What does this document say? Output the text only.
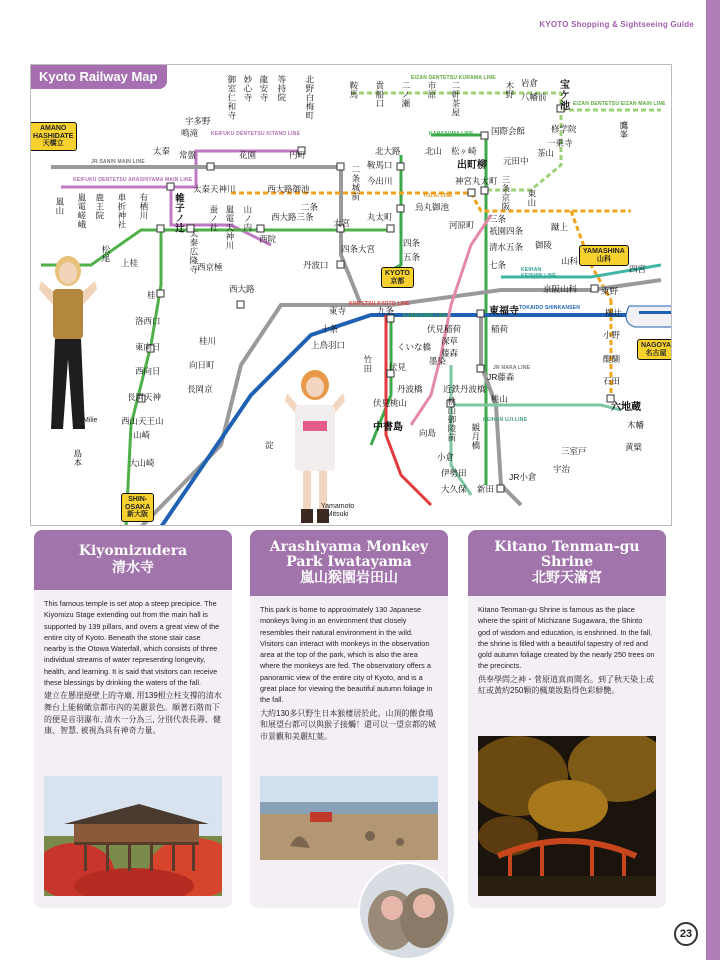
KYOTO Shopping & Sightseeing Guide
Kyoto Railway Map
AMANO
HASHIDATE
天橋立
KYOTO
京都
YAMASHINA
山科
NAGOYA
名古屋
SHIN-
OSAKA
新大阪
EIZAN DENTETSU KURAMA LINE
EIZAN DENTETSU EIZAN MAIN LINE
KEIFUKU DENTETSU KITANO LINE	KARASUMA LINE
JR SANIN MAIN LINE
KEIFUKU DENTETSU ARASHIYAMA MAIN LINE
TOZAI LINE
KEIHAN
KEISHIN LINE
TOKAIDO SHINKANSEN
KARASUMA LINE
KEIHAN UJI LINE
JR NARA LINE
KINTETSU KYOTO LINE
御室仁和寺 妙心寺 龍安寺 等持院 北野白梅町	鞍馬 貴船口 二ノ瀬 市原 二軒茶屋	木野 岩倉
八幡前 宝ケ池
修学院
一乗寺
茶山
元田中
出町柳
国際会館
松ヶ崎
北山
北大路
鞍馬口
今出川
丸太町
烏丸御池
四条
五条
九条
十条
くいな橋
竹田 伏見
丹波橋
中書島 向島	観月橋
桃山御陵前	桃山
六地蔵
黄檗
木幡
宇治
三室戸
JR小倉
新田
大久保
伊勢田
小倉
嵐山 嵐電嵯峨 鹿王院 車折神社 有栖川	帷子ノ辻
太秦 常盤
鳴滝
宇多野
太秦天神川
蚕ノ社 嵐電天神川 山ノ内
西院
西大路三条
太秦広隆寺
西京極
松尾 上桂
桂
洛西口
東向日
西向日
長岡天神
西山天王山
山崎
大山崎
島本
桂川
向日町
長岡京
二条
大宮
西大路御池	二条城前
四条大宮
丹波口
西大路
東寺
河原町
祇園四条
清水五条
七条
東福寺
稲荷
伏見稲荷
深草
藤森
墨染
JR藤森
近鉄丹波橋
伏見桃山
三条
三条京阪 東山
蹴上
御陵
山科
京阪山科
四宮
東野
椥辻
小野
醍醐
石田
花園	円町
鷹峯
神宮丸太町
上鳥羽口
淀
Milie
Yamamoto
Mitsuki
Kiyomizudera
清水寺

This famous temple is set atop a steep precipice. The Kiyomizu Stage extending out from the main hall is supported by 139 pillars, and overs a great view of the entire city of Kyoto. Beneath the stone stair case nearby is the Otowa Waterfall, which consists of three individual streams of water representing longevity, health, and learning. It is said that visitors can receive these blessings by drinking the waters of the fall.

建立在懸崖絕壁上的寺廟, 用139根立柱支撐的清水舞台上能俯瞰京都市內的美麗景色。順著石階而下的便是音羽瀑布, 清水一分為三, 分別代表長壽、健康、智慧, 被視為具有神奇力量。

Arashiyama Monkey Park Iwatayama
嵐山猴園岩田山

This park is home to approximately 130 Japanese monkeys living in an environment that closely resembles their natural environment in the wild. Visitors can interact with monkeys in the observation area at the top of the park, which is also the area where the monkeys are fed. The observatory offers a panoramic view of the entire city of Kyoto, and is a great place for viewing the beautiful autumn foliage in the fall.

大約130多只野生日本猴棲居於此。山頂的餵食場和展望台都可以與猴子接觸！還可以一望京都的城市景觀和美麗紅葉。

Kitano Tenman-gu Shrine
北野天滿宮

Kitano Tenman-gu Shrine is famous as the place where the spirit of Michizane Sugawara, the Shinto god of wisdom and education, is enshrined. In the fall, the shrine is filled with a beautiful tapestry of red and gold autumn foliage created by the nearly 250 trees on the precincts.

供奉學問之神・菅原道真而聞名。到了秋天染上或紅或黃約250顆的楓葉妝點得色彩鮮艷。

23
